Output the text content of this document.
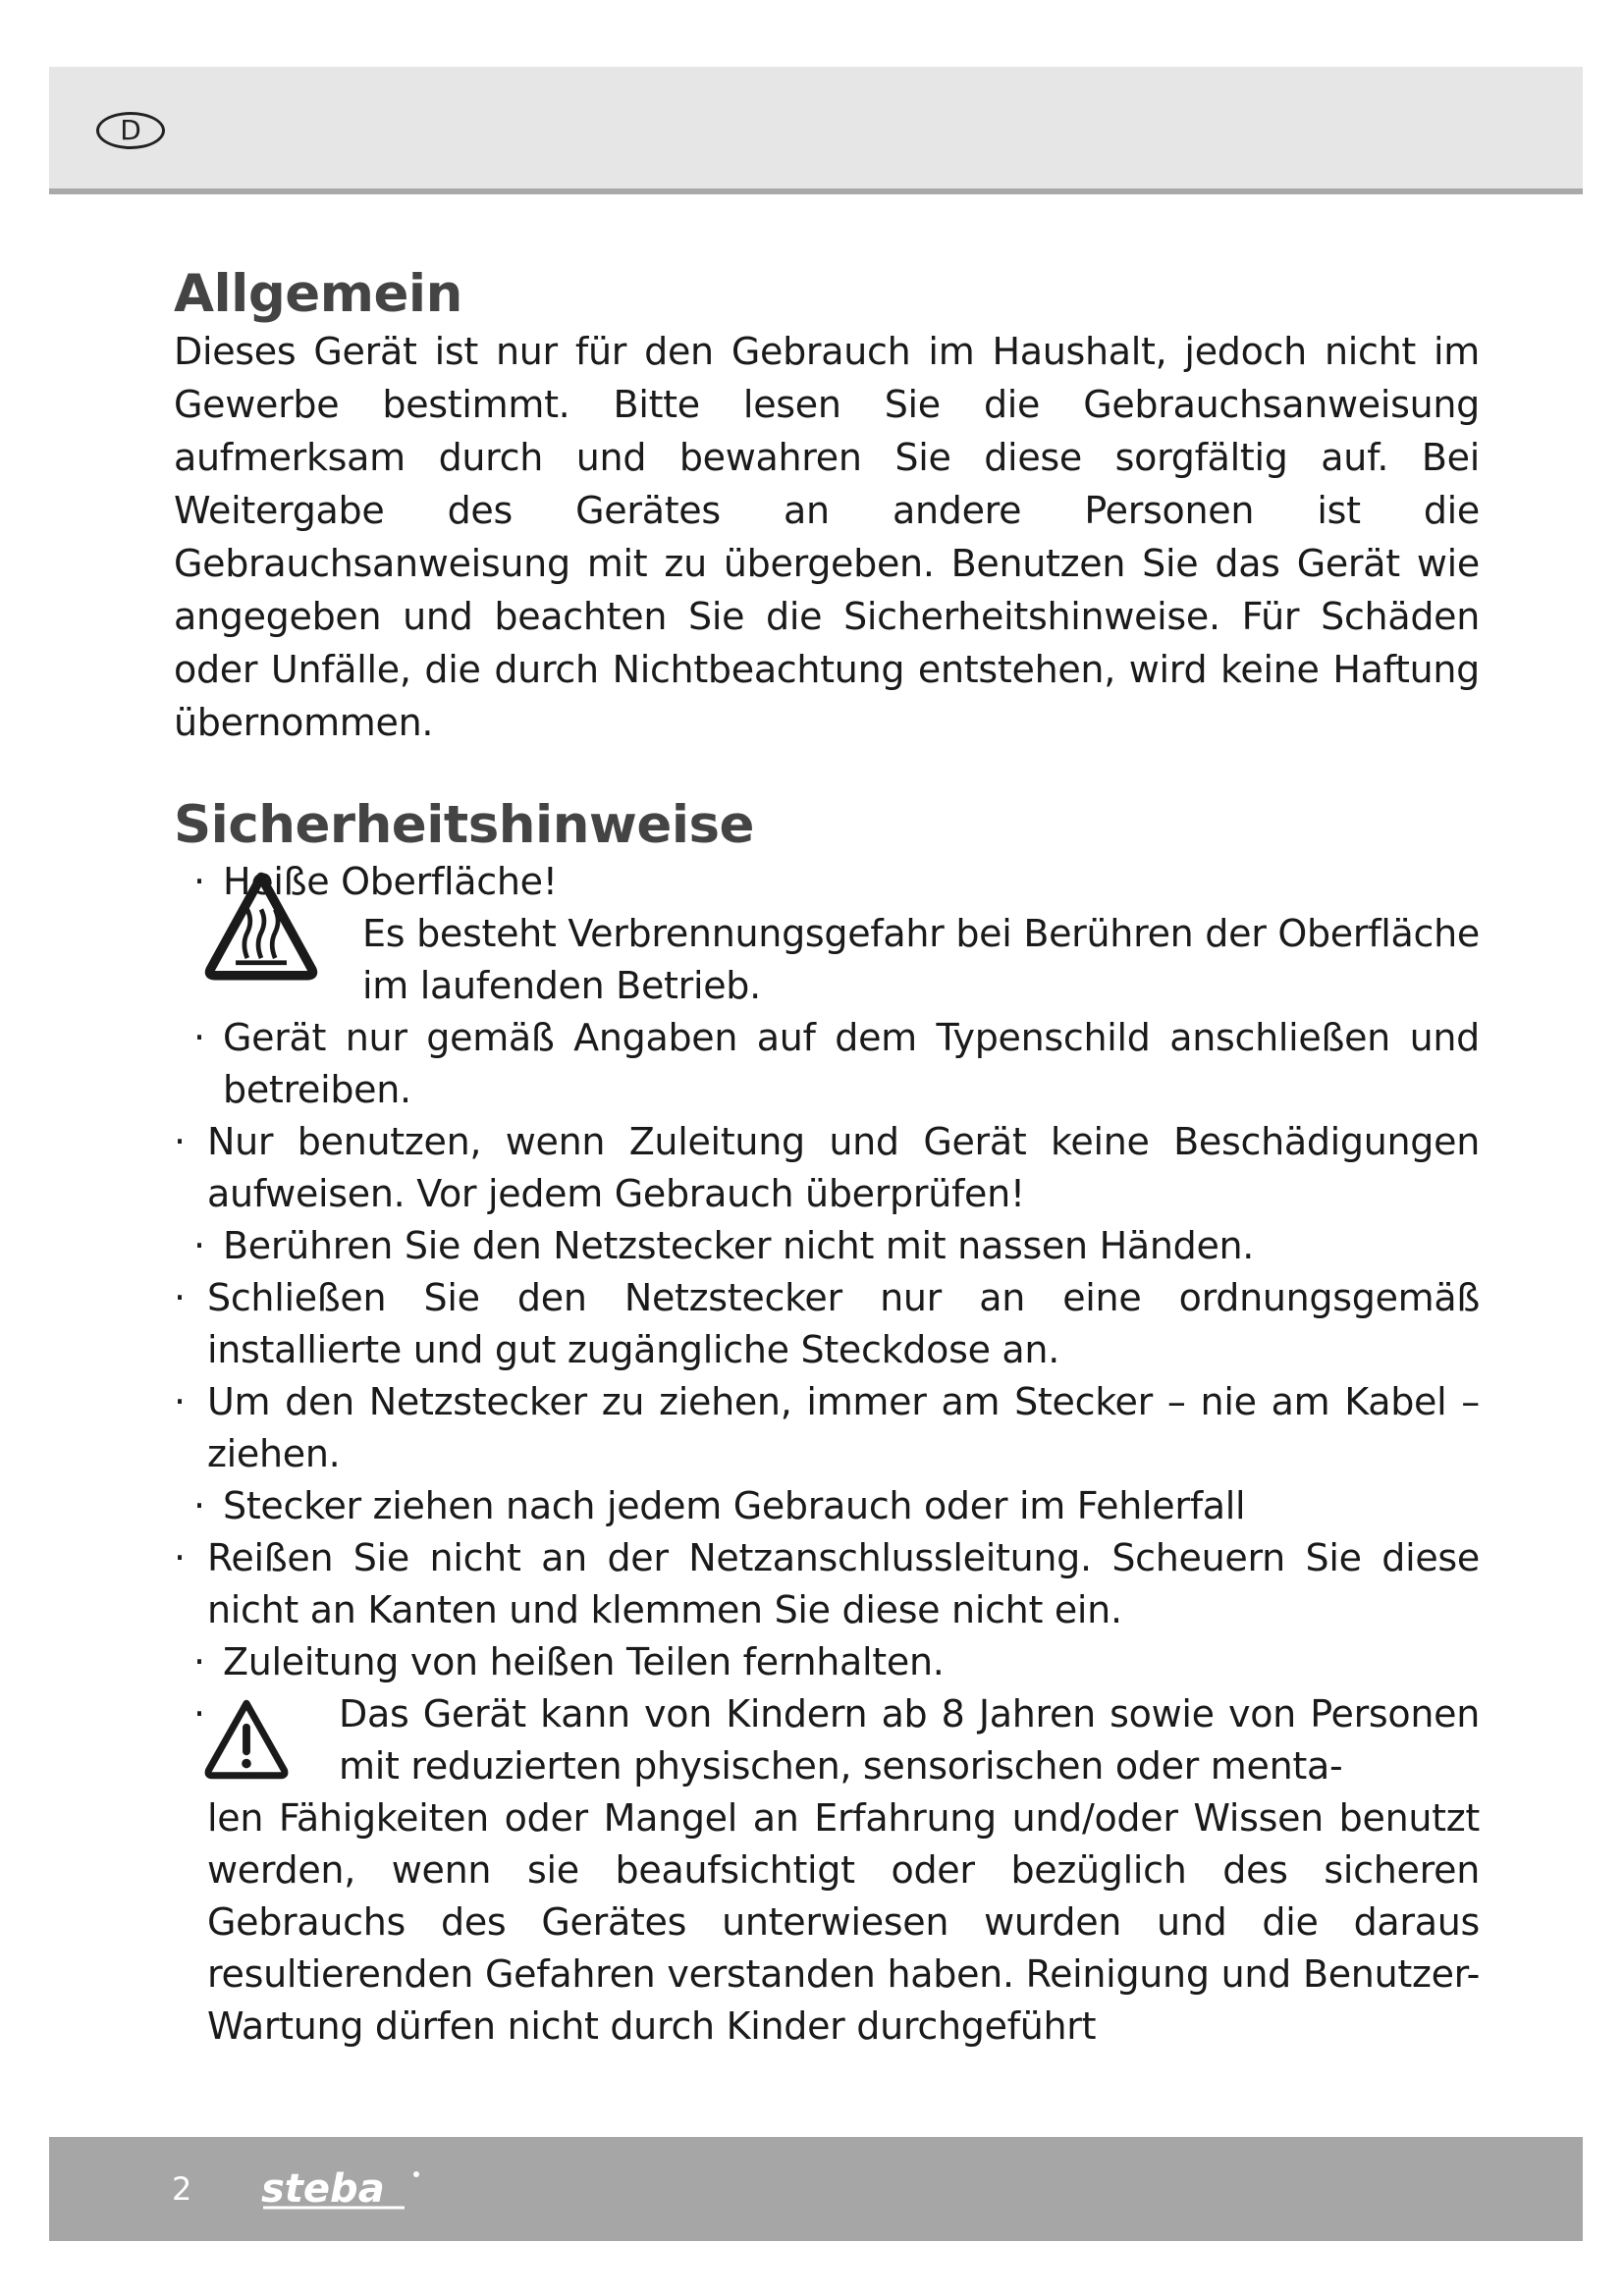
D
Allgemein

Dieses Gerät ist nur für den Gebrauch im Haushalt, jedoch nicht im Gewerbe bestimmt. Bitte lesen Sie die Gebrauchsanweisung aufmerksam durch und bewahren Sie diese sorgfältig auf. Bei Weitergabe des Gerätes an andere Personen ist die Gebrauchsanweisung mit zu übergeben. Benutzen Sie das Gerät wie angegeben und beachten Sie die Sicherheitshinweise. Für Schäden oder Unfälle, die durch Nichtbeachtung entstehen, wird keine Haftung übernommen.

Sicherheitshinweise
· Heiße Oberfläche!
Es besteht Verbrennungsgefahr bei Berühren der Oberfläche im laufenden Betrieb.
· Gerät nur gemäß Angaben auf dem Typenschild anschließen und betreiben.
· Nur benutzen, wenn Zuleitung und Gerät keine Beschädigungen aufweisen. Vor jedem Gebrauch überprüfen!
· Berühren Sie den Netzstecker nicht mit nassen Händen.
· Schließen Sie den Netzstecker nur an eine ordnungsgemäß installierte und gut zugängliche Steckdose an.
· Um den Netzstecker zu ziehen, immer am Stecker – nie am Kabel – ziehen.
· Stecker ziehen nach jedem Gebrauch oder im Fehlerfall
· Reißen Sie nicht an der Netzanschlussleitung. Scheuern Sie diese nicht an Kanten und klemmen Sie diese nicht ein.
· Zuleitung von heißen Teilen fernhalten.
·	Das Gerät kann von Kindern ab 8 Jahren sowie von Personen mit reduzierten physischen, sensorischen oder menta-
len Fähigkeiten oder Mangel an Erfahrung und/oder Wissen benutzt werden, wenn sie beaufsichtigt oder bezüglich des sicheren Gebrauchs des Gerätes unterwiesen wurden und die daraus resultierenden Gefahren verstanden haben. Reinigung und Benutzer-Wartung dürfen nicht durch Kinder durchgeführt
2 steba
